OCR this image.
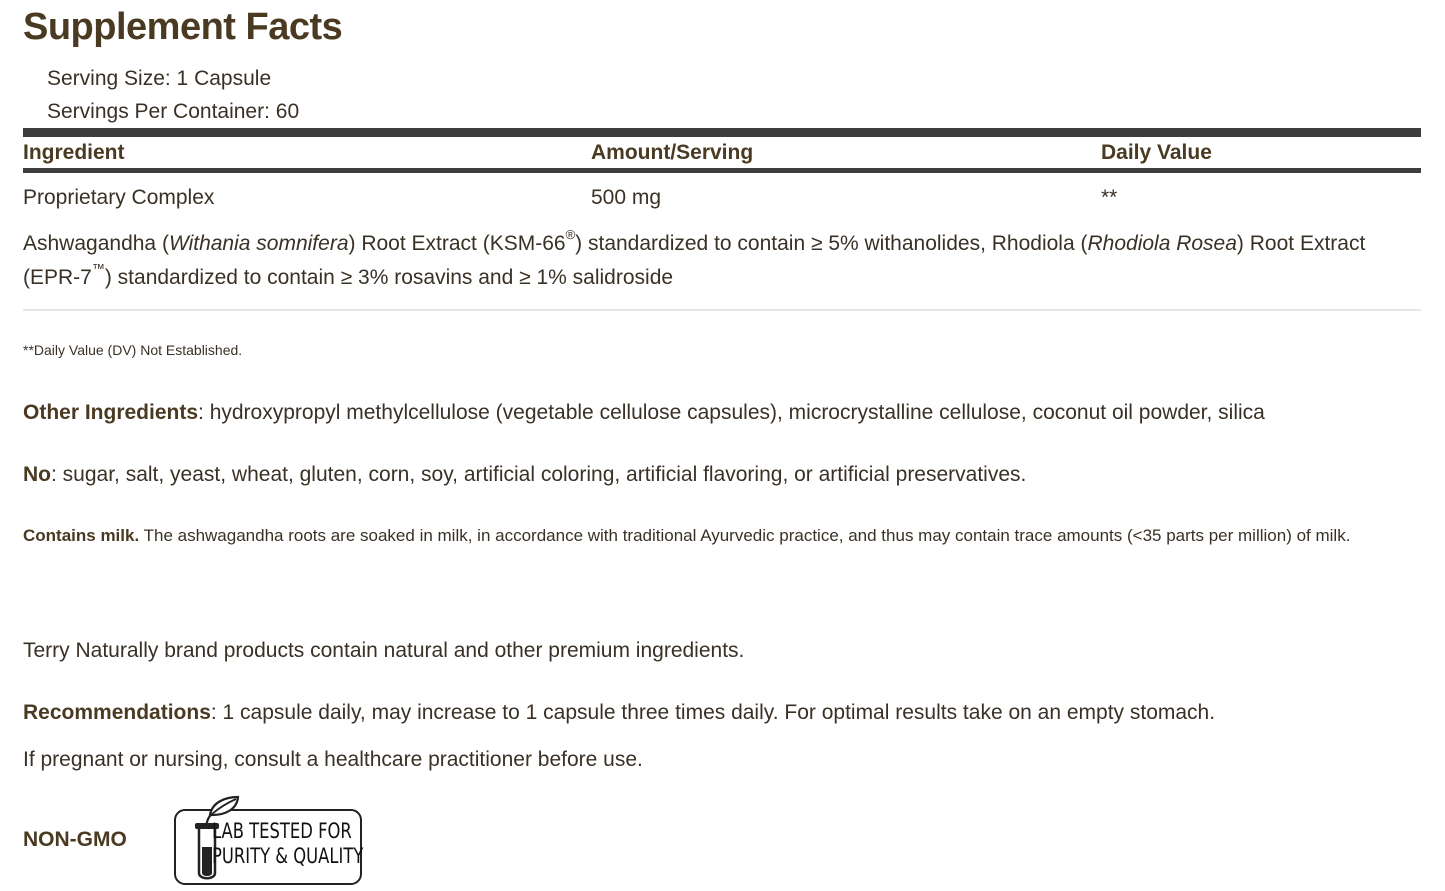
Supplement Facts
Serving Size: 1 Capsule
Servings Per Container: 60
Ingredient	Amount/Serving	Daily Value
Proprietary Complex	500 mg	**
Ashwagandha (Withania somnifera) Root Extract (KSM-66®) standardized to contain ≥ 5% withanolides, Rhodiola (Rhodiola Rosea) Root Extract (EPR-7™) standardized to contain ≥ 3% rosavins and ≥ 1% salidroside
**Daily Value (DV) Not Established.
Other Ingredients: hydroxypropyl methylcellulose (vegetable cellulose capsules), microcrystalline cellulose, coconut oil powder, silica
No: sugar, salt, yeast, wheat, gluten, corn, soy, artificial coloring, artificial flavoring, or artificial preservatives.
Contains milk. The ashwagandha roots are soaked in milk, in accordance with traditional Ayurvedic practice, and thus may contain trace amounts (<35 parts per million) of milk.
Terry Naturally brand products contain natural and other premium ingredients.
Recommendations: 1 capsule daily, may increase to 1 capsule three times daily. For optimal results take on an empty stomach.
If pregnant or nursing, consult a healthcare practitioner before use.
NON-GMO	LAB TESTED FOR
PURITY & QUALITY
